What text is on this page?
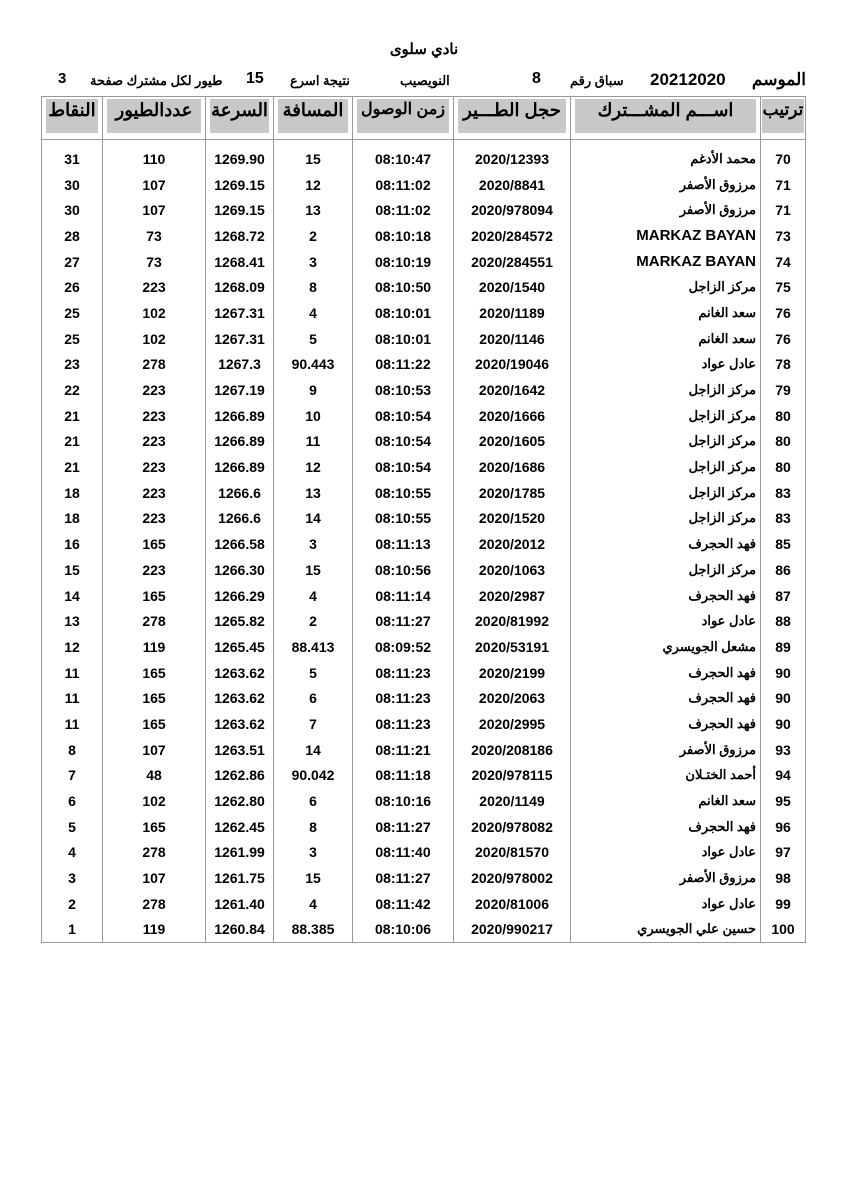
نادي سلوى
الموسم
20212020
سباق رقم
8
النويصيب
نتيجة اسرع
15
طيور لكل مشترك صفحة
3
النقاط	عددالطيور	السرعة	المسافة	زمن الوصول	حجل الطـــير	اســـم المشـــترك	ترتيب

31	110	1269.90	15	08:10:47	2020/12393	محمد الأدغم	70
30	107	1269.15	12	08:11:02	2020/8841	مرزوق الأصفر	71
30	107	1269.15	13	08:11:02	2020/978094	مرزوق الأصفر	71
28	73	1268.72	2	08:10:18	2020/284572	MARKAZ BAYAN	73
27	73	1268.41	3	08:10:19	2020/284551	MARKAZ BAYAN	74
26	223	1268.09	8	08:10:50	2020/1540	مركز الزاجل	75
25	102	1267.31	4	08:10:01	2020/1189	سعد الغانم	76
25	102	1267.31	5	08:10:01	2020/1146	سعد الغانم	76
23	278	1267.3	90.443	08:11:22	2020/19046	عادل عواد	78
22	223	1267.19	9	08:10:53	2020/1642	مركز الزاجل	79
21	223	1266.89	10	08:10:54	2020/1666	مركز الزاجل	80
21	223	1266.89	11	08:10:54	2020/1605	مركز الزاجل	80
21	223	1266.89	12	08:10:54	2020/1686	مركز الزاجل	80
18	223	1266.6	13	08:10:55	2020/1785	مركز الزاجل	83
18	223	1266.6	14	08:10:55	2020/1520	مركز الزاجل	83
16	165	1266.58	3	08:11:13	2020/2012	فهد الحجرف	85
15	223	1266.30	15	08:10:56	2020/1063	مركز الزاجل	86
14	165	1266.29	4	08:11:14	2020/2987	فهد الحجرف	87
13	278	1265.82	2	08:11:27	2020/81992	عادل عواد	88
12	119	1265.45	88.413	08:09:52	2020/53191	مشعل الجويسري	89
11	165	1263.62	5	08:11:23	2020/2199	فهد الحجرف	90
11	165	1263.62	6	08:11:23	2020/2063	فهد الحجرف	90
11	165	1263.62	7	08:11:23	2020/2995	فهد الحجرف	90
8	107	1263.51	14	08:11:21	2020/208186	مرزوق الأصفر	93
7	48	1262.86	90.042	08:11:18	2020/978115	أحمد الختـلان	94
6	102	1262.80	6	08:10:16	2020/1149	سعد الغانم	95
5	165	1262.45	8	08:11:27	2020/978082	فهد الحجرف	96
4	278	1261.99	3	08:11:40	2020/81570	عادل عواد	97
3	107	1261.75	15	08:11:27	2020/978002	مرزوق الأصفر	98
2	278	1261.40	4	08:11:42	2020/81006	عادل عواد	99
1	119	1260.84	88.385	08:10:06	2020/990217	حسين علي الجويسري	100
